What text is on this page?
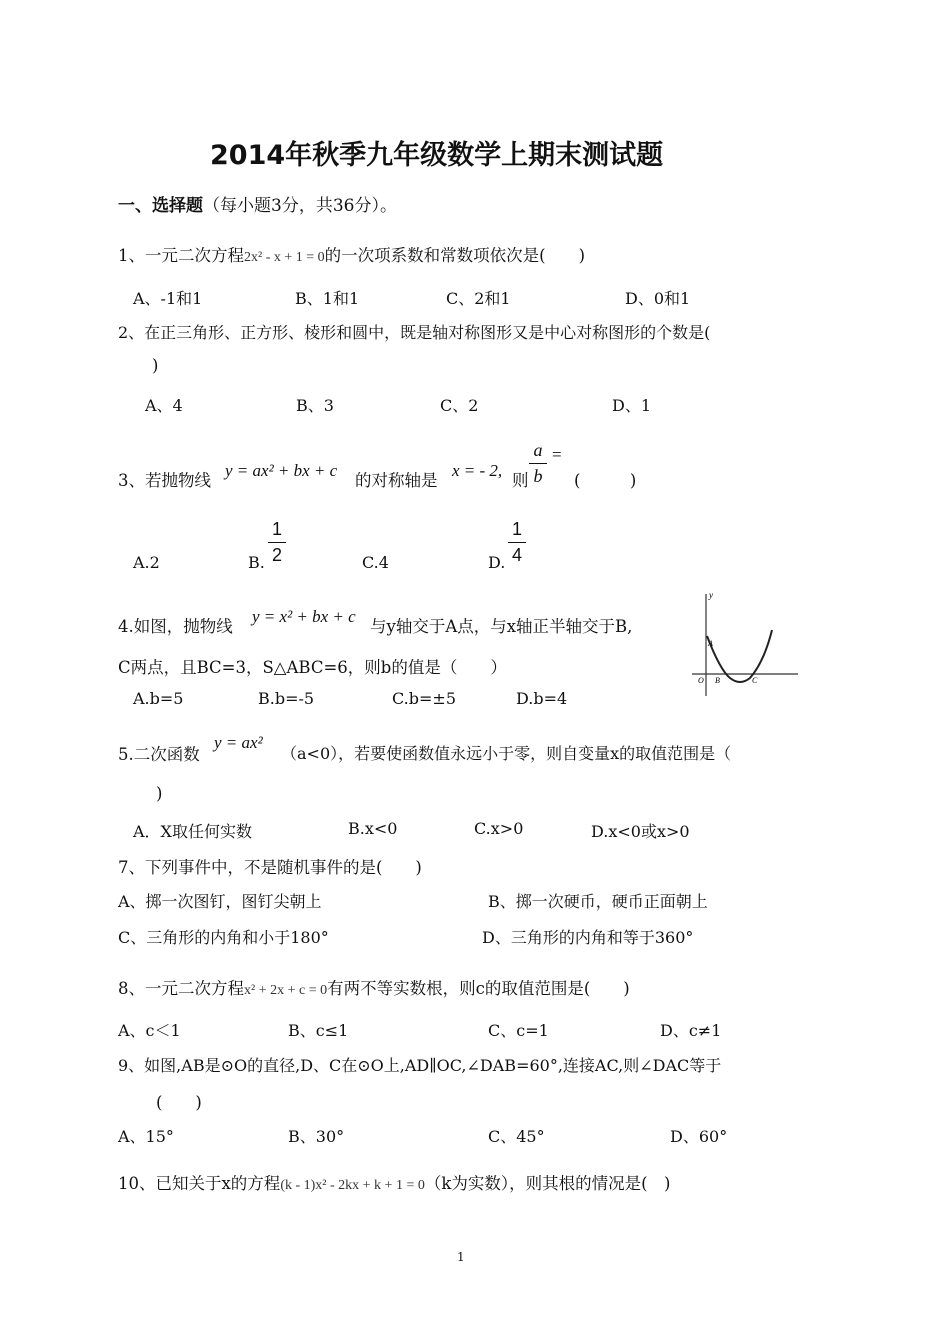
2014年秋季九年级数学上期末测试题
一、选择题（每小题3分，共36分）。
1、一元二次方程2x² - x + 1 = 0的一次项系数和常数项依次是(　　)
A、-1和1	B、1和1	C、2和1	D、0和1
2、在正三角形、正方形、棱形和圆中，既是轴对称图形又是中心对称图形的个数是(
)
A、4	B、3	C、2	D、1
3、若抛物线
y = ax² + bx + c
的对称轴是
x = - 2,
则
a
b
=
(　　　)
A.2	B.
1
2	C.4	D.
1
4
4.如图，抛物线
y = x² + bx + c
与y轴交于A点，与x轴正半轴交于B,
C两点，且BC=3，S△ABC=6，则b的值是（　　）
A.b=5	B.b=-5	C.b=±5	D.b=4
y
A
O B	C
5.二次函数
y = ax²
（a<0），若要使函数值永远小于零，则自变量x的取值范围是（
)
A．X取任何实数	B.x<0	C.x>0	D.x<0或x>0
7、下列事件中，不是随机事件的是(　　)
A、掷一次图钉，图钉尖朝上	B、掷一次硬币，硬币正面朝上
C、三角形的内角和小于180°	D、三角形的内角和等于360°
8、一元二次方程x² + 2x + c = 0有两不等实数根，则c的取值范围是(　　)
A、c＜1	B、c≤1	C、c=1	D、c≠1
9、如图,AB是⊙O的直径,D、C在⊙O上,AD∥OC,∠DAB=60°,连接AC,则∠DAC等于
(　　)
A、15°	B、30°	C、45°	D、60°
10、已知关于x的方程(k - 1)x² - 2kx + k + 1 = 0（k为实数），则其根的情况是(　)
1
